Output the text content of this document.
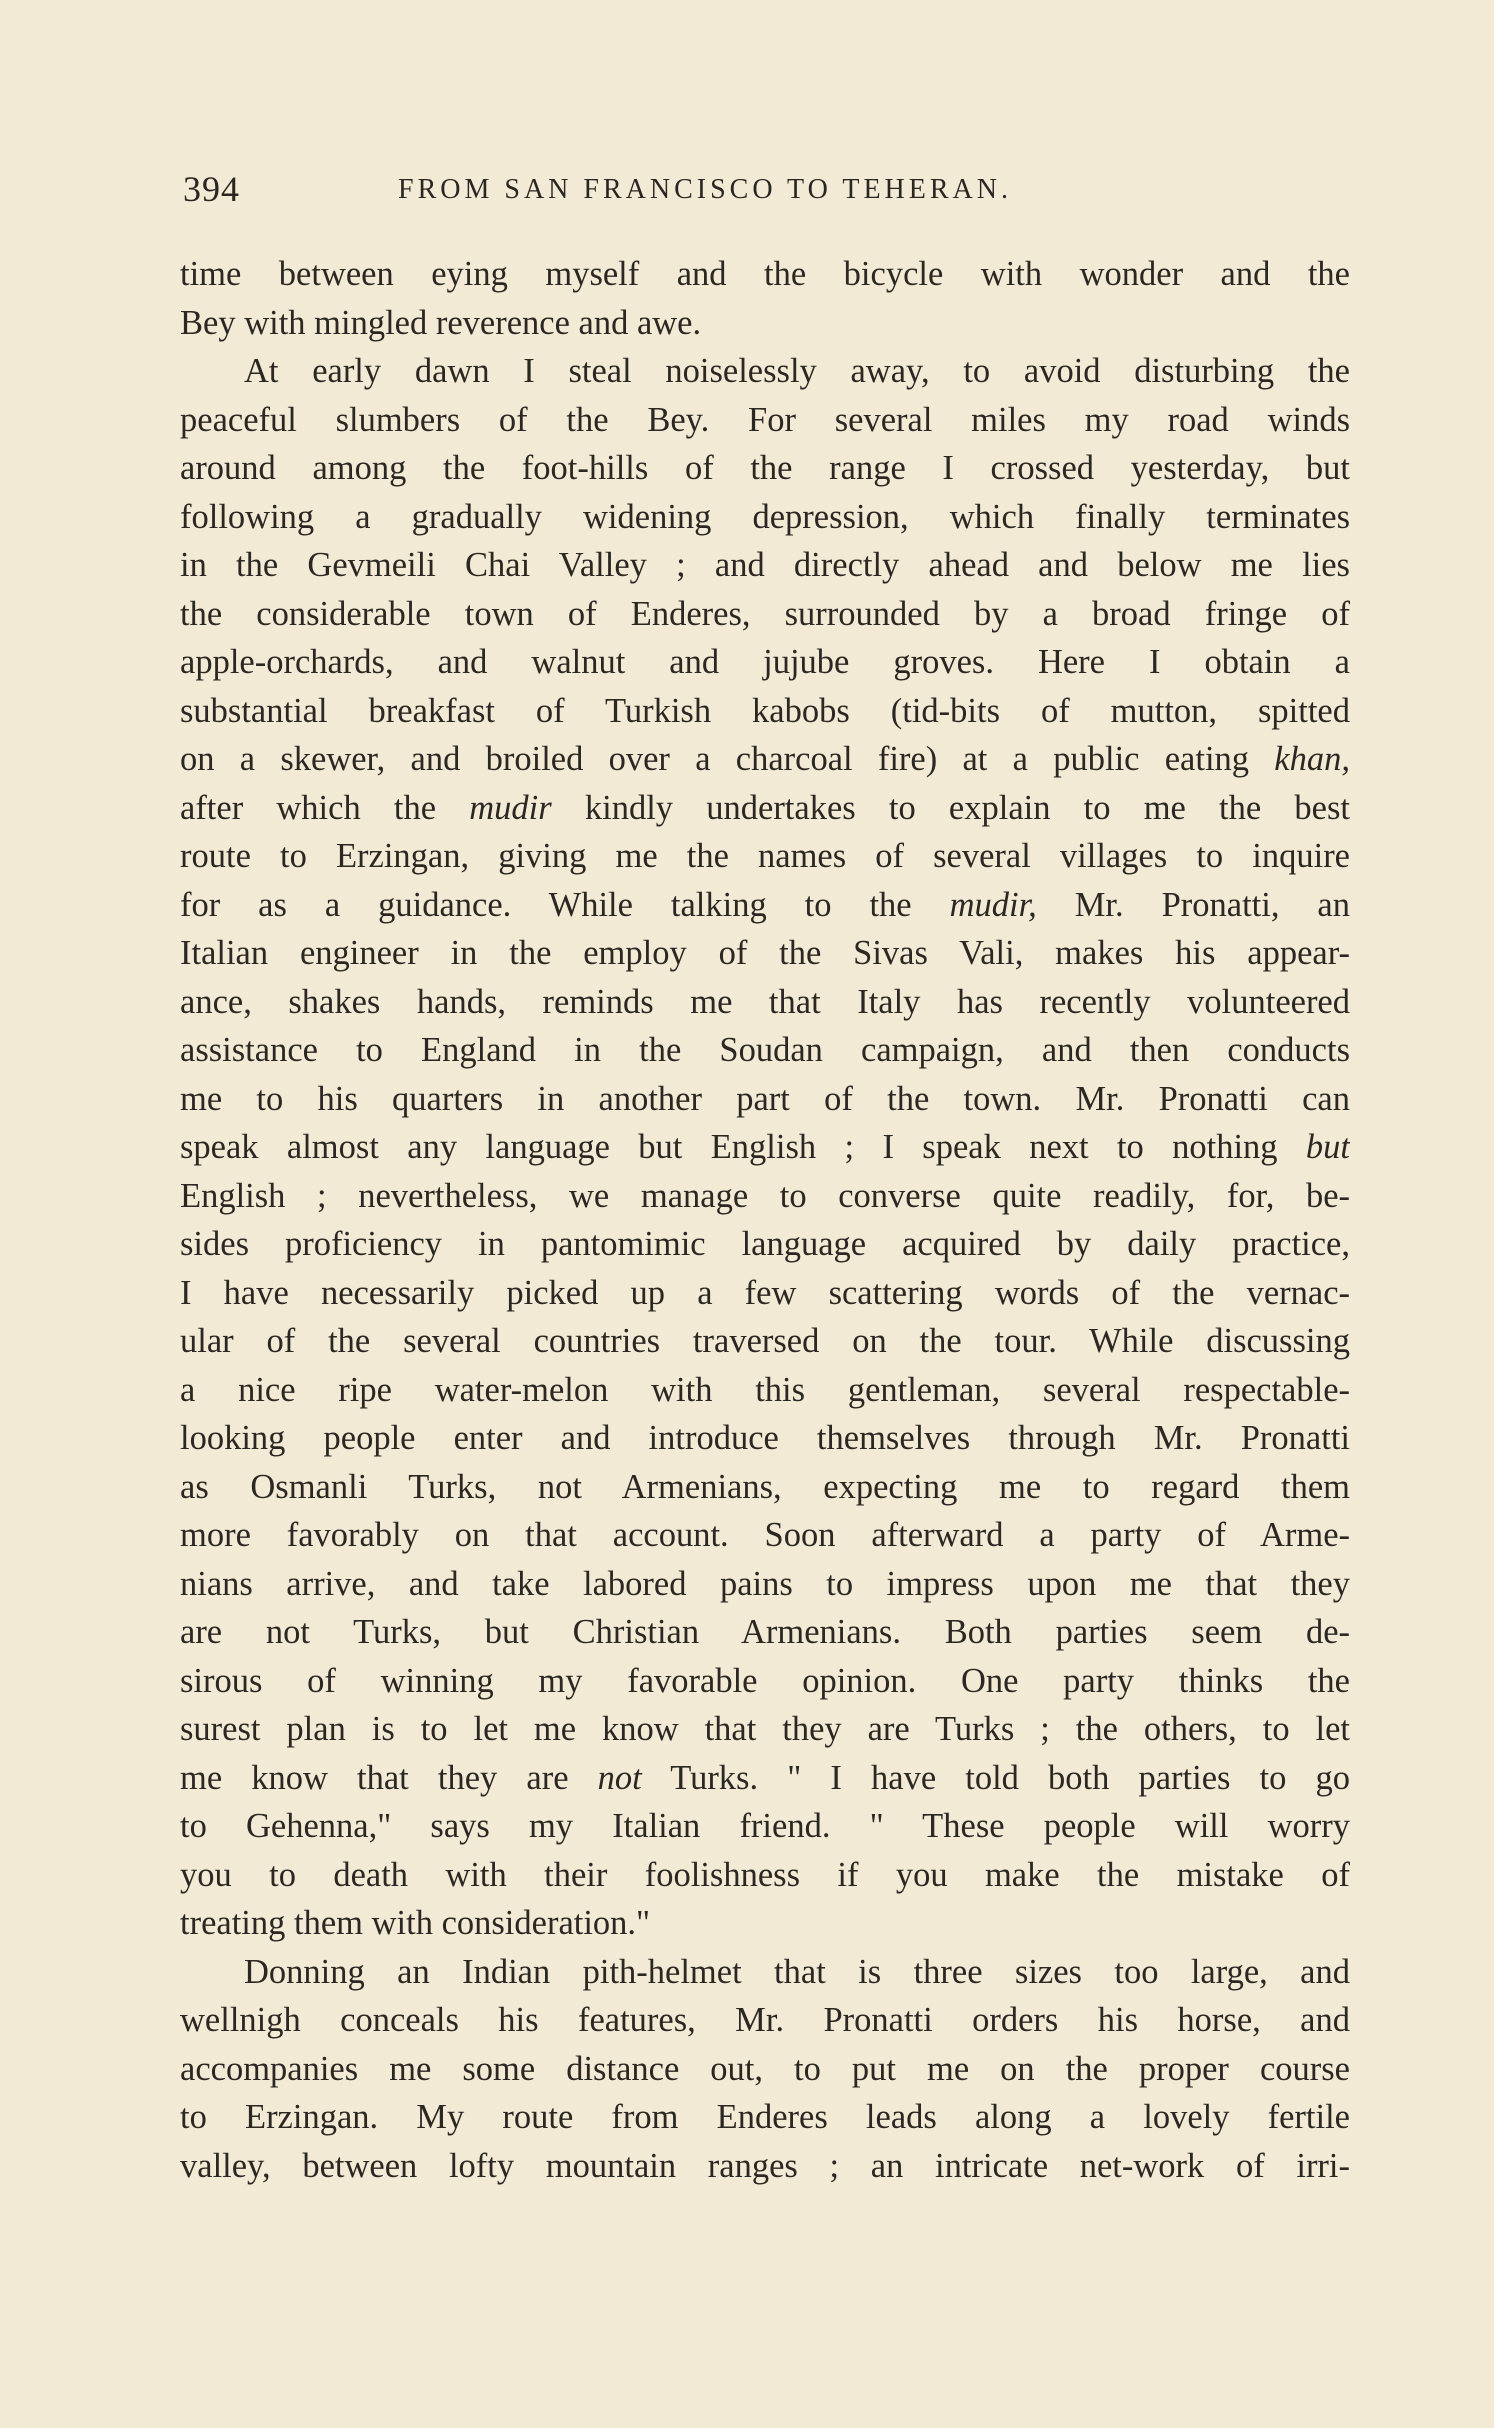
394	FROM SAN FRANCISCO TO TEHERAN.
time between eying myself and the bicycle with wonder and the
Bey with mingled reverence and awe.
At early dawn I steal noiselessly away, to avoid disturbing the
peaceful slumbers of the Bey. For several miles my road winds
around among the foot-hills of the range I crossed yesterday, but
following a gradually widening depression, which finally terminates
in the Gevmeili Chai Valley ; and directly ahead and below me lies
the considerable town of Enderes, surrounded by a broad fringe of
apple-orchards, and walnut and jujube groves. Here I obtain a
substantial breakfast of Turkish kabobs (tid-bits of mutton, spitted
on a skewer, and broiled over a charcoal fire) at a public eating khan,
after which the mudir kindly undertakes to explain to me the best
route to Erzingan, giving me the names of several villages to inquire
for as a guidance. While talking to the mudir, Mr. Pronatti, an
Italian engineer in the employ of the Sivas Vali, makes his appear-
ance, shakes hands, reminds me that Italy has recently volunteered
assistance to England in the Soudan campaign, and then conducts
me to his quarters in another part of the town. Mr. Pronatti can
speak almost any language but English ; I speak next to nothing but
English ; nevertheless, we manage to converse quite readily, for, be-
sides proficiency in pantomimic language acquired by daily practice,
I have necessarily picked up a few scattering words of the vernac-
ular of the several countries traversed on the tour. While discussing
a nice ripe water-melon with this gentleman, several respectable-
looking people enter and introduce themselves through Mr. Pronatti
as Osmanli Turks, not Armenians, expecting me to regard them
more favorably on that account. Soon afterward a party of Arme-
nians arrive, and take labored pains to impress upon me that they
are not Turks, but Christian Armenians. Both parties seem de-
sirous of winning my favorable opinion. One party thinks the
surest plan is to let me know that they are Turks ; the others, to let
me know that they are not Turks. " I have told both parties to go
to Gehenna," says my Italian friend. " These people will worry
you to death with their foolishness if you make the mistake of
treating them with consideration."
Donning an Indian pith-helmet that is three sizes too large, and
wellnigh conceals his features, Mr. Pronatti orders his horse, and
accompanies me some distance out, to put me on the proper course
to Erzingan. My route from Enderes leads along a lovely fertile
valley, between lofty mountain ranges ; an intricate net-work of irri-
